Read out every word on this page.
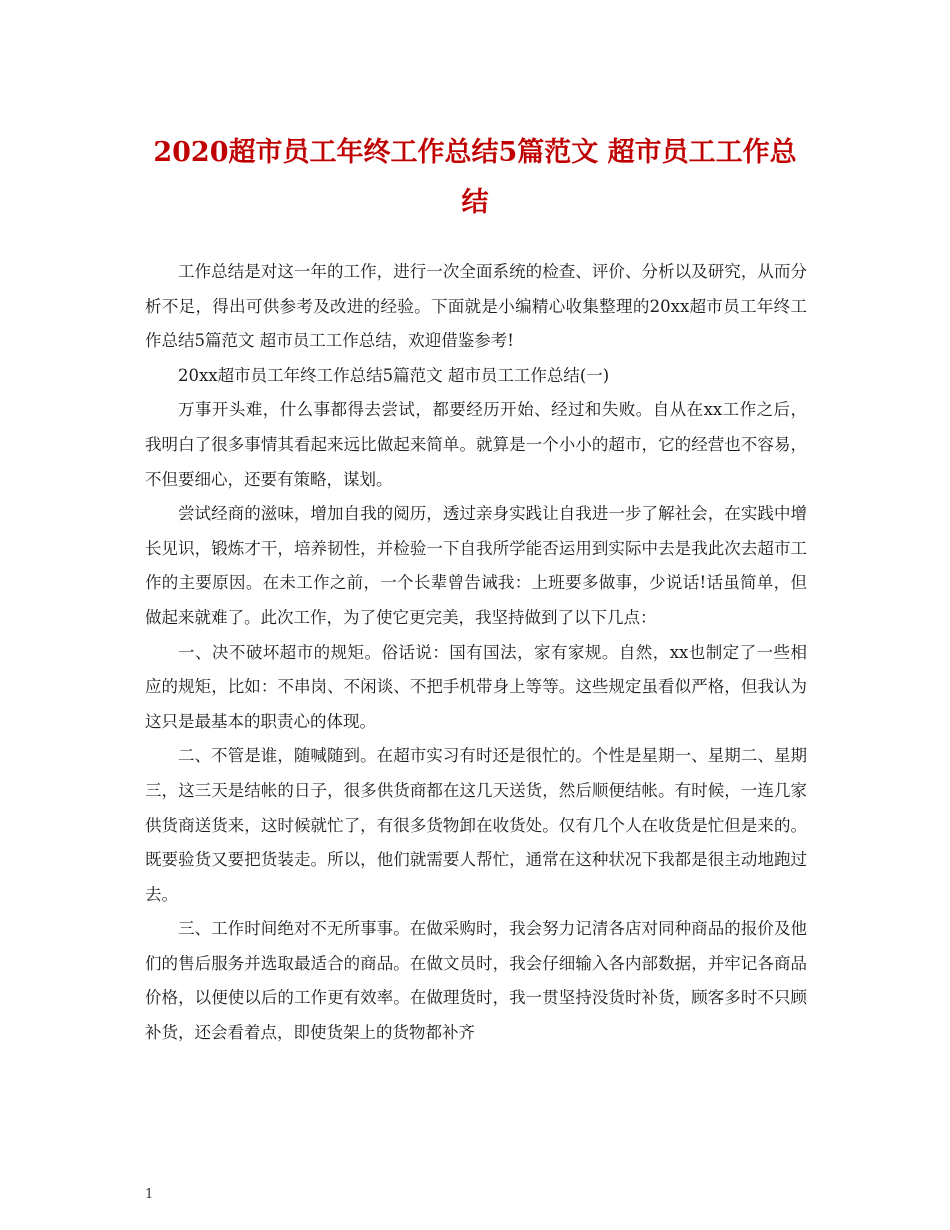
2020超市员工年终工作总结5篇范文 超市员工工作总结

工作总结是对这一年的工作，进行一次全面系统的检查、评价、分析以及研究，从而分析不足，得出可供参考及改进的经验。下面就是小编精心收集整理的20xx超市员工年终工作总结5篇范文 超市员工工作总结，欢迎借鉴参考!

20xx超市员工年终工作总结5篇范文 超市员工工作总结(一)

万事开头难，什么事都得去尝试，都要经历开始、经过和失败。自从在xx工作之后，我明白了很多事情其看起来远比做起来简单。就算是一个小小的超市，它的经营也不容易，不但要细心，还要有策略，谋划。

尝试经商的滋味，增加自我的阅历，透过亲身实践让自我进一步了解社会，在实践中增长见识，锻炼才干，培养韧性，并检验一下自我所学能否运用到实际中去是我此次去超市工作的主要原因。在未工作之前，一个长辈曾告诫我：上班要多做事，少说话!话虽简单，但做起来就难了。此次工作，为了使它更完美，我坚持做到了以下几点：

一、决不破坏超市的规矩。俗话说：国有国法，家有家规。自然，xx也制定了一些相应的规矩，比如：不串岗、不闲谈、不把手机带身上等等。这些规定虽看似严格，但我认为这只是最基本的职责心的体现。

二、不管是谁，随喊随到。在超市实习有时还是很忙的。个性是星期一、星期二、星期三，这三天是结帐的日子，很多供货商都在这几天送货，然后顺便结帐。有时候，一连几家供货商送货来，这时候就忙了，有很多货物卸在收货处。仅有几个人在收货是忙但是来的。既要验货又要把货装走。所以，他们就需要人帮忙，通常在这种状况下我都是很主动地跑过去。

三、工作时间绝对不无所事事。在做采购时，我会努力记清各店对同种商品的报价及他们的售后服务并选取最适合的商品。在做文员时，我会仔细输入各内部数据，并牢记各商品价格，以便使以后的工作更有效率。在做理货时，我一贯坚持没货时补货，顾客多时不只顾补货，还会看着点，即使货架上的货物都补齐

1
